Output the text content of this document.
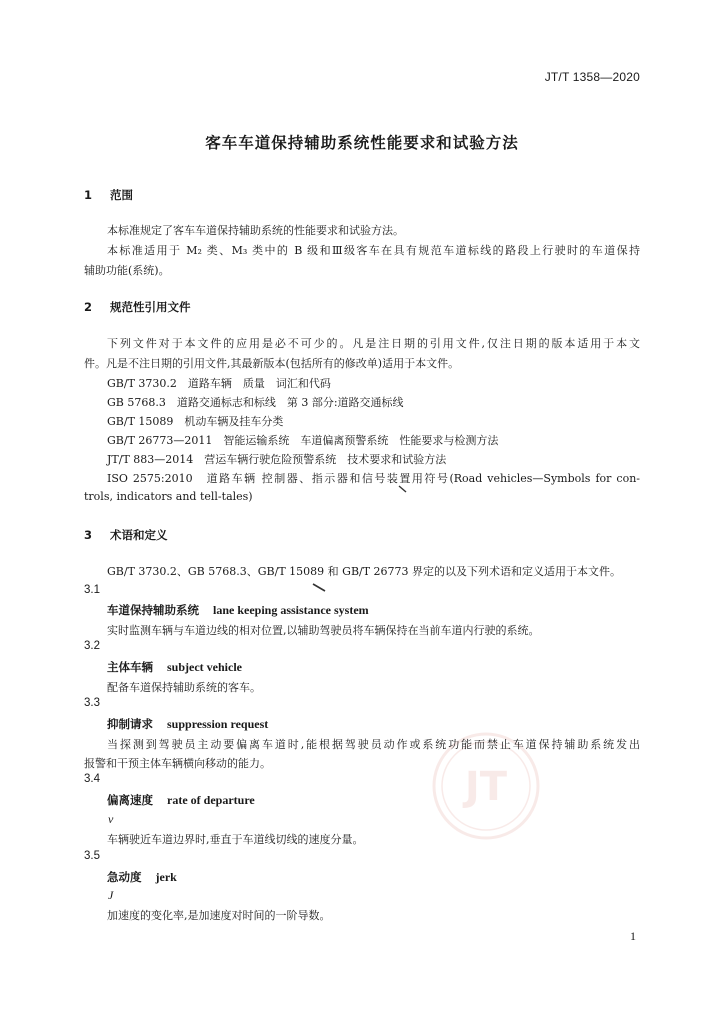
JT
JT/T 1358—2020
客车车道保持辅助系统性能要求和试验方法
1 范围
本标准规定了客车车道保持辅助系统的性能要求和试验方法。
本标准适用于 M₂ 类、M₃ 类中的 B 级和Ⅲ级客车在具有规范车道标线的路段上行驶时的车道保持
辅助功能(系统)。
2 规范性引用文件
下列文件对于本文件的应用是必不可少的。凡是注日期的引用文件,仅注日期的版本适用于本文
件。凡是不注日期的引用文件,其最新版本(包括所有的修改单)适用于本文件。
GB/T 3730.2　道路车辆　质量　词汇和代码
GB 5768.3　道路交通标志和标线　第 3 部分:道路交通标线
GB/T 15089　机动车辆及挂车分类
GB/T 26773—2011　智能运输系统　车道偏离预警系统　性能要求与检测方法
JT/T 883—2014　营运车辆行驶危险预警系统　技术要求和试验方法
ISO 2575:2010　道路车辆 控制器、指示器和信号装置用符号(Road vehicles—Symbols for con-
trols, indicators and tell-tales)
3 术语和定义
GB/T 3730.2、GB 5768.3、GB/T 15089 和 GB/T 26773 界定的以及下列术语和定义适用于本文件。
3.1
车道保持辅助系统 lane keeping assistance system
实时监测车辆与车道边线的相对位置,以辅助驾驶员将车辆保持在当前车道内行驶的系统。
3.2
主体车辆 subject vehicle
配备车道保持辅助系统的客车。
3.3
抑制请求 suppression request
当探测到驾驶员主动要偏离车道时,能根据驾驶员动作或系统功能而禁止车道保持辅助系统发出
报警和干预主体车辆横向移动的能力。
3.4
偏离速度 rate of departure
v
车辆驶近车道边界时,垂直于车道线切线的速度分量。
3.5
急动度 jerk
J
加速度的变化率,是加速度对时间的一阶导数。
1
